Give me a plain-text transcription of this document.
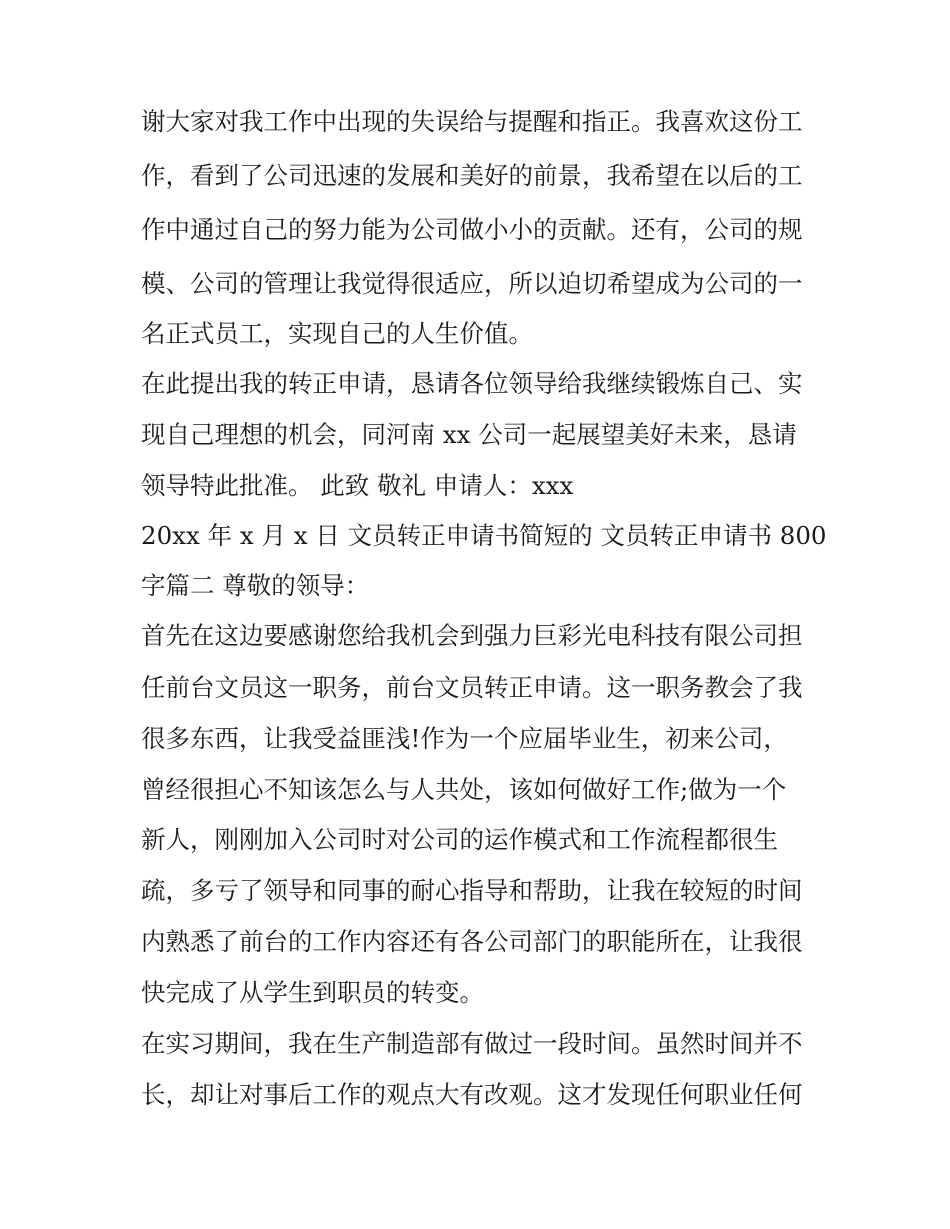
谢大家对我工作中出现的失误给与提醒和指正。我喜欢这份工
作，看到了公司迅速的发展和美好的前景，我希望在以后的工
作中通过自己的努力能为公司做小小的贡献。还有，公司的规
模、公司的管理让我觉得很适应，所以迫切希望成为公司的一
名正式员工，实现自己的人生价值。
在此提出我的转正申请，恳请各位领导给我继续锻炼自己、实
现自己理想的机会，同河南 xx 公司一起展望美好未来，恳请
领导特此批准。 此致 敬礼 申请人：xxx
20xx 年 x 月 x 日 文员转正申请书简短的 文员转正申请书 800
字篇二 尊敬的领导：
首先在这边要感谢您给我机会到强力巨彩光电科技有限公司担
任前台文员这一职务，前台文员转正申请。这一职务教会了我
很多东西，让我受益匪浅!作为一个应届毕业生，初来公司，
曾经很担心不知该怎么与人共处，该如何做好工作;做为一个
新人，刚刚加入公司时对公司的运作模式和工作流程都很生
疏，多亏了领导和同事的耐心指导和帮助，让我在较短的时间
内熟悉了前台的工作内容还有各公司部门的职能所在，让我很
快完成了从学生到职员的转变。
在实习期间，我在生产制造部有做过一段时间。虽然时间并不
长，却让对事后工作的观点大有改观。这才发现任何职业任何
